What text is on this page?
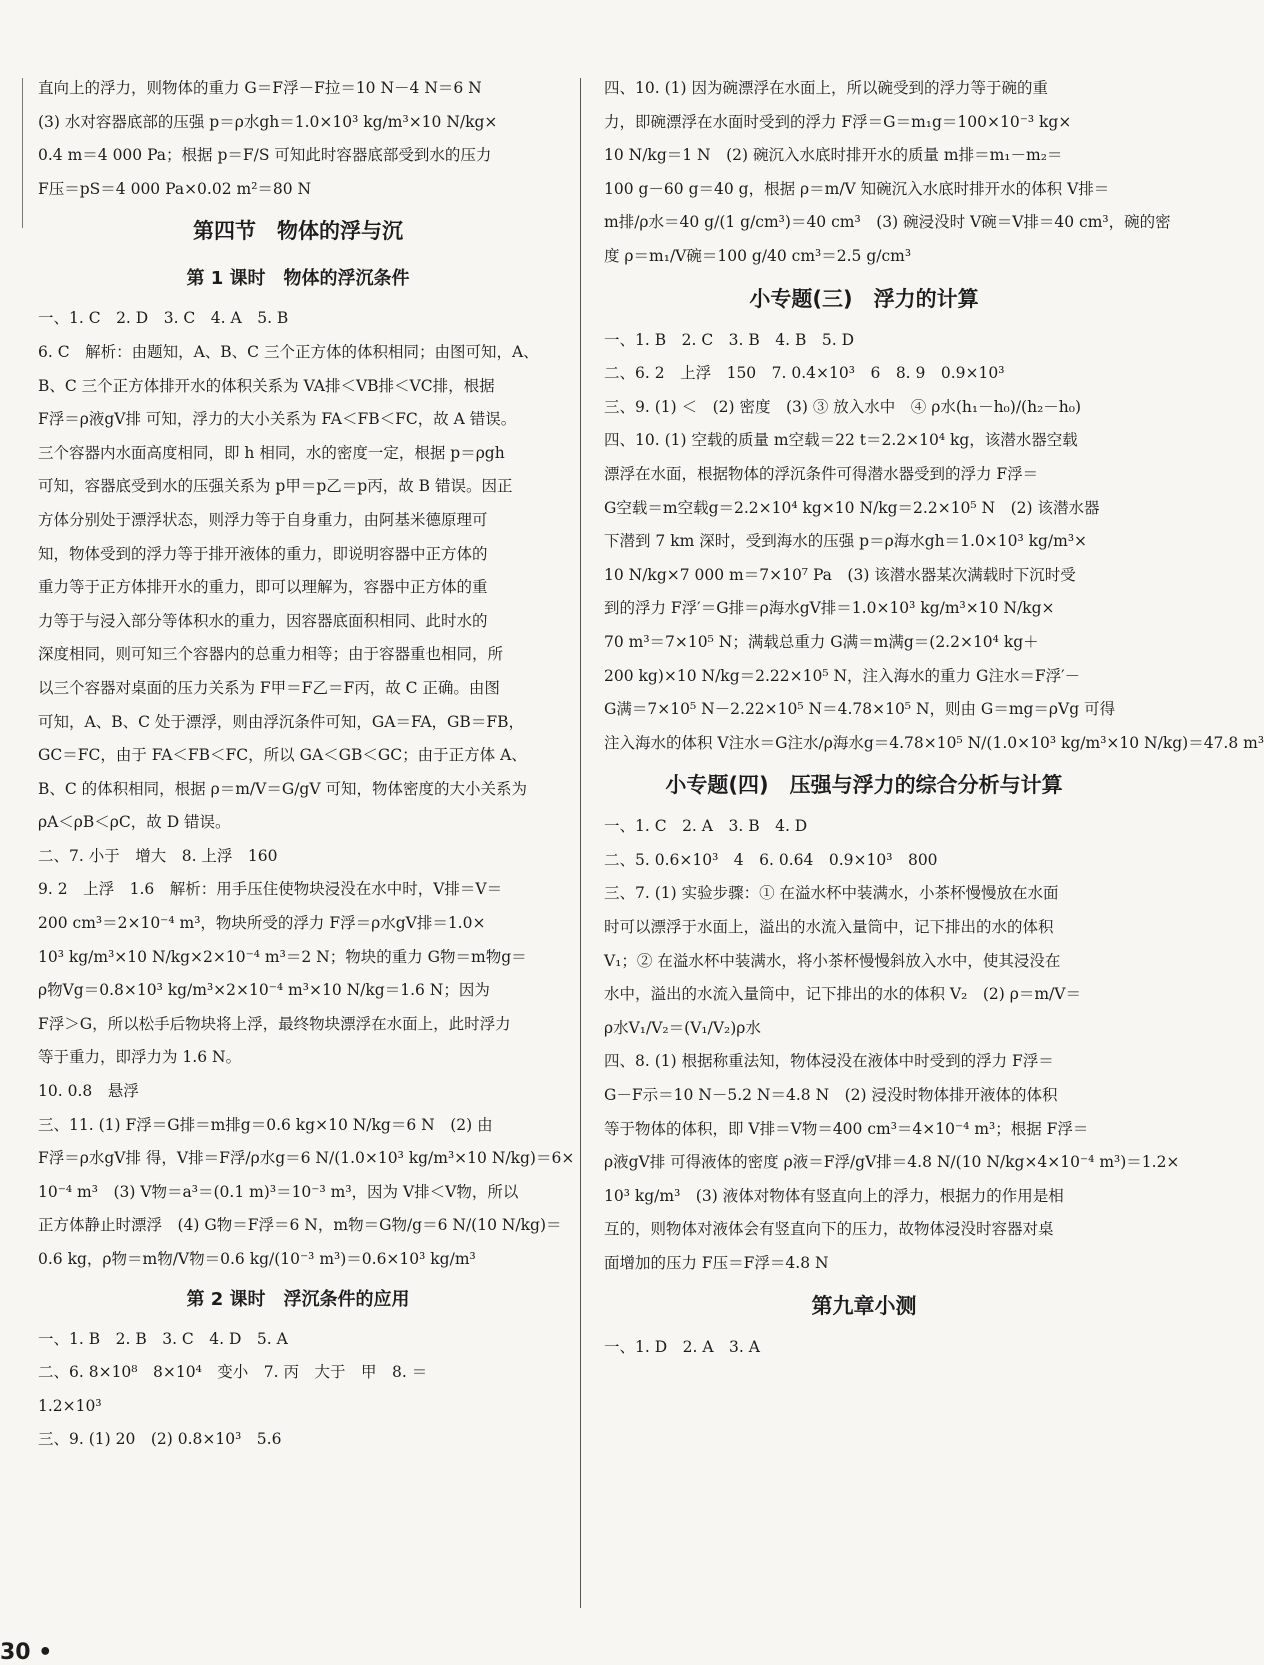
直向上的浮力，则物体的重力 G＝F浮－F拉＝10 N－4 N＝6 N

(3) 水对容器底部的压强 p＝ρ水gh＝1.0×10³ kg/m³×10 N/kg×

0.4 m＝4 000 Pa；根据 p＝F/S 可知此时容器底部受到水的压力

F压＝pS＝4 000 Pa×0.02 m²＝80 N

第四节　物体的浮与沉

第 1 课时　物体的浮沉条件

一、1. C　2. D　3. C　4. A　5. B

6. C　解析：由题知，A、B、C 三个正方体的体积相同；由图可知，A、

B、C 三个正方体排开水的体积关系为 VA排＜VB排＜VC排，根据

F浮＝ρ液gV排 可知，浮力的大小关系为 FA＜FB＜FC，故 A 错误。

三个容器内水面高度相同，即 h 相同，水的密度一定，根据 p＝ρgh

可知，容器底受到水的压强关系为 p甲＝p乙＝p丙，故 B 错误。因正

方体分别处于漂浮状态，则浮力等于自身重力，由阿基米德原理可

知，物体受到的浮力等于排开液体的重力，即说明容器中正方体的

重力等于正方体排开水的重力，即可以理解为，容器中正方体的重

力等于与浸入部分等体积水的重力，因容器底面积相同、此时水的

深度相同，则可知三个容器内的总重力相等；由于容器重也相同，所

以三个容器对桌面的压力关系为 F甲＝F乙＝F丙，故 C 正确。由图

可知，A、B、C 处于漂浮，则由浮沉条件可知，GA＝FA，GB＝FB，

GC＝FC，由于 FA＜FB＜FC，所以 GA＜GB＜GC；由于正方体 A、

B、C 的体积相同，根据 ρ＝m/V＝G/gV 可知，物体密度的大小关系为

ρA＜ρB＜ρC，故 D 错误。

二、7. 小于　增大　8. 上浮　160

9. 2　上浮　1.6　解析：用手压住使物块浸没在水中时，V排＝V＝

200 cm³＝2×10⁻⁴ m³，物块所受的浮力 F浮＝ρ水gV排＝1.0×

10³ kg/m³×10 N/kg×2×10⁻⁴ m³＝2 N；物块的重力 G物＝m物g＝

ρ物Vg＝0.8×10³ kg/m³×2×10⁻⁴ m³×10 N/kg＝1.6 N；因为

F浮＞G，所以松手后物块将上浮，最终物块漂浮在水面上，此时浮力

等于重力，即浮力为 1.6 N。

10. 0.8　悬浮

三、11. (1) F浮＝G排＝m排g＝0.6 kg×10 N/kg＝6 N　(2) 由

F浮＝ρ水gV排 得，V排＝F浮/ρ水g＝6 N/(1.0×10³ kg/m³×10 N/kg)＝6×

10⁻⁴ m³　(3) V物＝a³＝(0.1 m)³＝10⁻³ m³，因为 V排＜V物，所以

正方体静止时漂浮　(4) G物＝F浮＝6 N，m物＝G物/g＝6 N/(10 N/kg)＝

0.6 kg，ρ物＝m物/V物＝0.6 kg/(10⁻³ m³)＝0.6×10³ kg/m³

第 2 课时　浮沉条件的应用

一、1. B　2. B　3. C　4. D　5. A

二、6. 8×10⁸　8×10⁴　变小　7. 丙　大于　甲　8. ＝

1.2×10³

三、9. (1) 20　(2) 0.8×10³　5.6

四、10. (1) 因为碗漂浮在水面上，所以碗受到的浮力等于碗的重

力，即碗漂浮在水面时受到的浮力 F浮＝G＝m₁g＝100×10⁻³ kg×

10 N/kg＝1 N　(2) 碗沉入水底时排开水的质量 m排＝m₁－m₂＝

100 g－60 g＝40 g，根据 ρ＝m/V 知碗沉入水底时排开水的体积 V排＝

m排/ρ水＝40 g/(1 g/cm³)＝40 cm³　(3) 碗浸没时 V碗＝V排＝40 cm³，碗的密

度 ρ＝m₁/V碗＝100 g/40 cm³＝2.5 g/cm³

小专题(三)　浮力的计算

一、1. B　2. C　3. B　4. B　5. D

二、6. 2　上浮　150　7. 0.4×10³　6　8. 9　0.9×10³

三、9. (1) ＜　(2) 密度　(3) ③ 放入水中　④ ρ水(h₁－h₀)/(h₂－h₀)

四、10. (1) 空载的质量 m空载＝22 t＝2.2×10⁴ kg，该潜水器空载

漂浮在水面，根据物体的浮沉条件可得潜水器受到的浮力 F浮＝

G空载＝m空载g＝2.2×10⁴ kg×10 N/kg＝2.2×10⁵ N　(2) 该潜水器

下潜到 7 km 深时，受到海水的压强 p＝ρ海水gh＝1.0×10³ kg/m³×

10 N/kg×7 000 m＝7×10⁷ Pa　(3) 该潜水器某次满载时下沉时受

到的浮力 F浮′＝G排＝ρ海水gV排＝1.0×10³ kg/m³×10 N/kg×

70 m³＝7×10⁵ N；满载总重力 G满＝m满g＝(2.2×10⁴ kg＋

200 kg)×10 N/kg＝2.22×10⁵ N，注入海水的重力 G注水＝F浮′－

G满＝7×10⁵ N－2.22×10⁵ N＝4.78×10⁵ N，则由 G＝mg＝ρVg 可得

注入海水的体积 V注水＝G注水/ρ海水g＝4.78×10⁵ N/(1.0×10³ kg/m³×10 N/kg)＝47.8 m³

小专题(四)　压强与浮力的综合分析与计算

一、1. C　2. A　3. B　4. D

二、5. 0.6×10³　4　6. 0.64　0.9×10³　800

三、7. (1) 实验步骤：① 在溢水杯中装满水，小茶杯慢慢放在水面

时可以漂浮于水面上，溢出的水流入量筒中，记下排出的水的体积

V₁；② 在溢水杯中装满水，将小茶杯慢慢斜放入水中，使其浸没在

水中，溢出的水流入量筒中，记下排出的水的体积 V₂　(2) ρ＝m/V＝

ρ水V₁/V₂＝(V₁/V₂)ρ水

四、8. (1) 根据称重法知，物体浸没在液体中时受到的浮力 F浮＝

G－F示＝10 N－5.2 N＝4.8 N　(2) 浸没时物体排开液体的体积

等于物体的体积，即 V排＝V物＝400 cm³＝4×10⁻⁴ m³；根据 F浮＝

ρ液gV排 可得液体的密度 ρ液＝F浮/gV排＝4.8 N/(10 N/kg×4×10⁻⁴ m³)＝1.2×

10³ kg/m³　(3) 液体对物体有竖直向上的浮力，根据力的作用是相

互的，则物体对液体会有竖直向下的压力，故物体浸没时容器对桌

面增加的压力 F压＝F浮＝4.8 N

第九章小测

一、1. D　2. A　3. A

30 •
